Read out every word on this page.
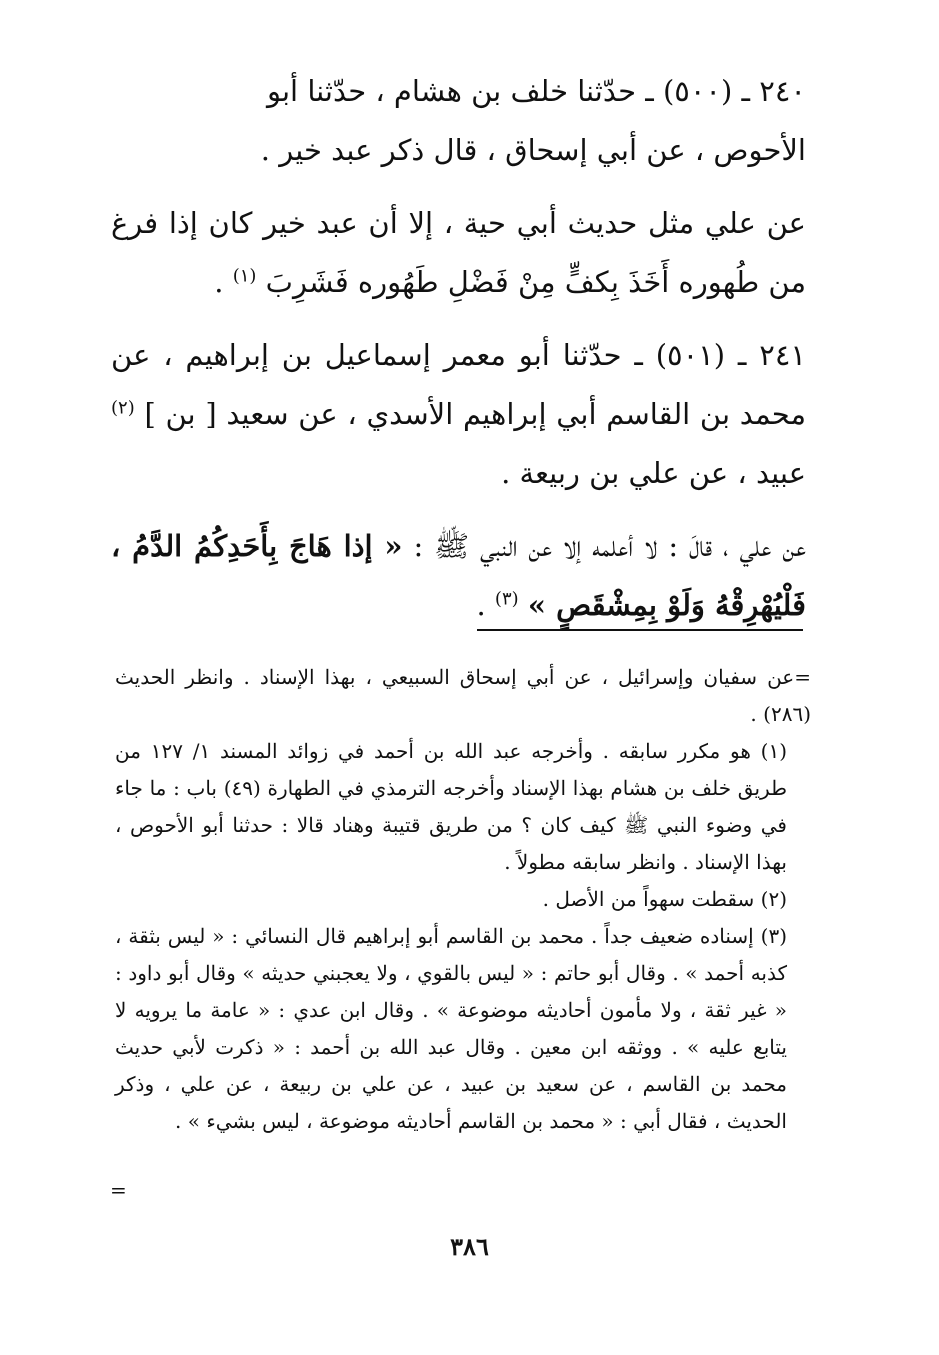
٢٤٠ ـ (٥٠٠) ـ حدّثنا خلف بن هشام ، حدّثنا أبو
الأحوص ، عن أبي إسحاق ، قال ذكر عبد خير .

عن علي مثل حديث أبي حية ، إلا أن عبد خير كان إذا فرغ من طُهوره أَخَذَ بِكفٍّ مِنْ فَضْلِ طَهُوره فَشَرِبَ $^{(١)}$ .

٢٤١ ـ (٥٠١) ـ حدّثنا أبو معمر إسماعيل بن إبراهيم ، عن محمد بن القاسم أبي إبراهيم الأسدي ، عن سعيد [ بن ] $^{(٢)}$ عبيد ، عن علي بن ربيعة .

عن علي ، قالَ : لا أعلمه إلا عن النبي ﷺ : « إذا هَاجَ بِأَحَدِكُمُ الدَّمُ ، فَلْيُهْرِقْهُ وَلَوْ بِمِشْقَصٍ » $^{(٣)}$ .

=عن سفيان وإسرائيل ، عن أبي إسحاق السبيعي ، بهذا الإسناد . وانظر الحديث (٢٨٦) .

(١) هو مكرر سابقه . وأخرجه عبد الله بن أحمد في زوائد المسند ١/ ١٢٧ من طريق خلف بن هشام بهذا الإسناد وأخرجه الترمذي في الطهارة (٤٩) باب : ما جاء في وضوء النبي ﷺ كيف كان ؟ من طريق قتيبة وهناد قالا : حدثنا أبو الأحوص ، بهذا الإسناد . وانظر سابقه مطولاً .

(٢) سقطت سهواً من الأصل .

(٣) إسناده ضعيف جداً . محمد بن القاسم أبو إبراهيم قال النسائي : « ليس بثقة ، كذبه أحمد » . وقال أبو حاتم : « ليس بالقوي ، ولا يعجبني حديثه » وقال أبو داود : « غير ثقة ، ولا مأمون أحاديثه موضوعة » . وقال ابن عدي : « عامة ما يرويه لا يتابع عليه » . ووثقه ابن معين . وقال عبد الله بن أحمد : « ذكرت لأبي حديث محمد بن القاسم ، عن سعيد بن عبيد ، عن علي بن ربيعة ، عن علي ، وذكر الحديث ، فقال أبي : « محمد بن القاسم أحاديثه موضوعة ، ليس بشيء » .

=
٣٨٦
